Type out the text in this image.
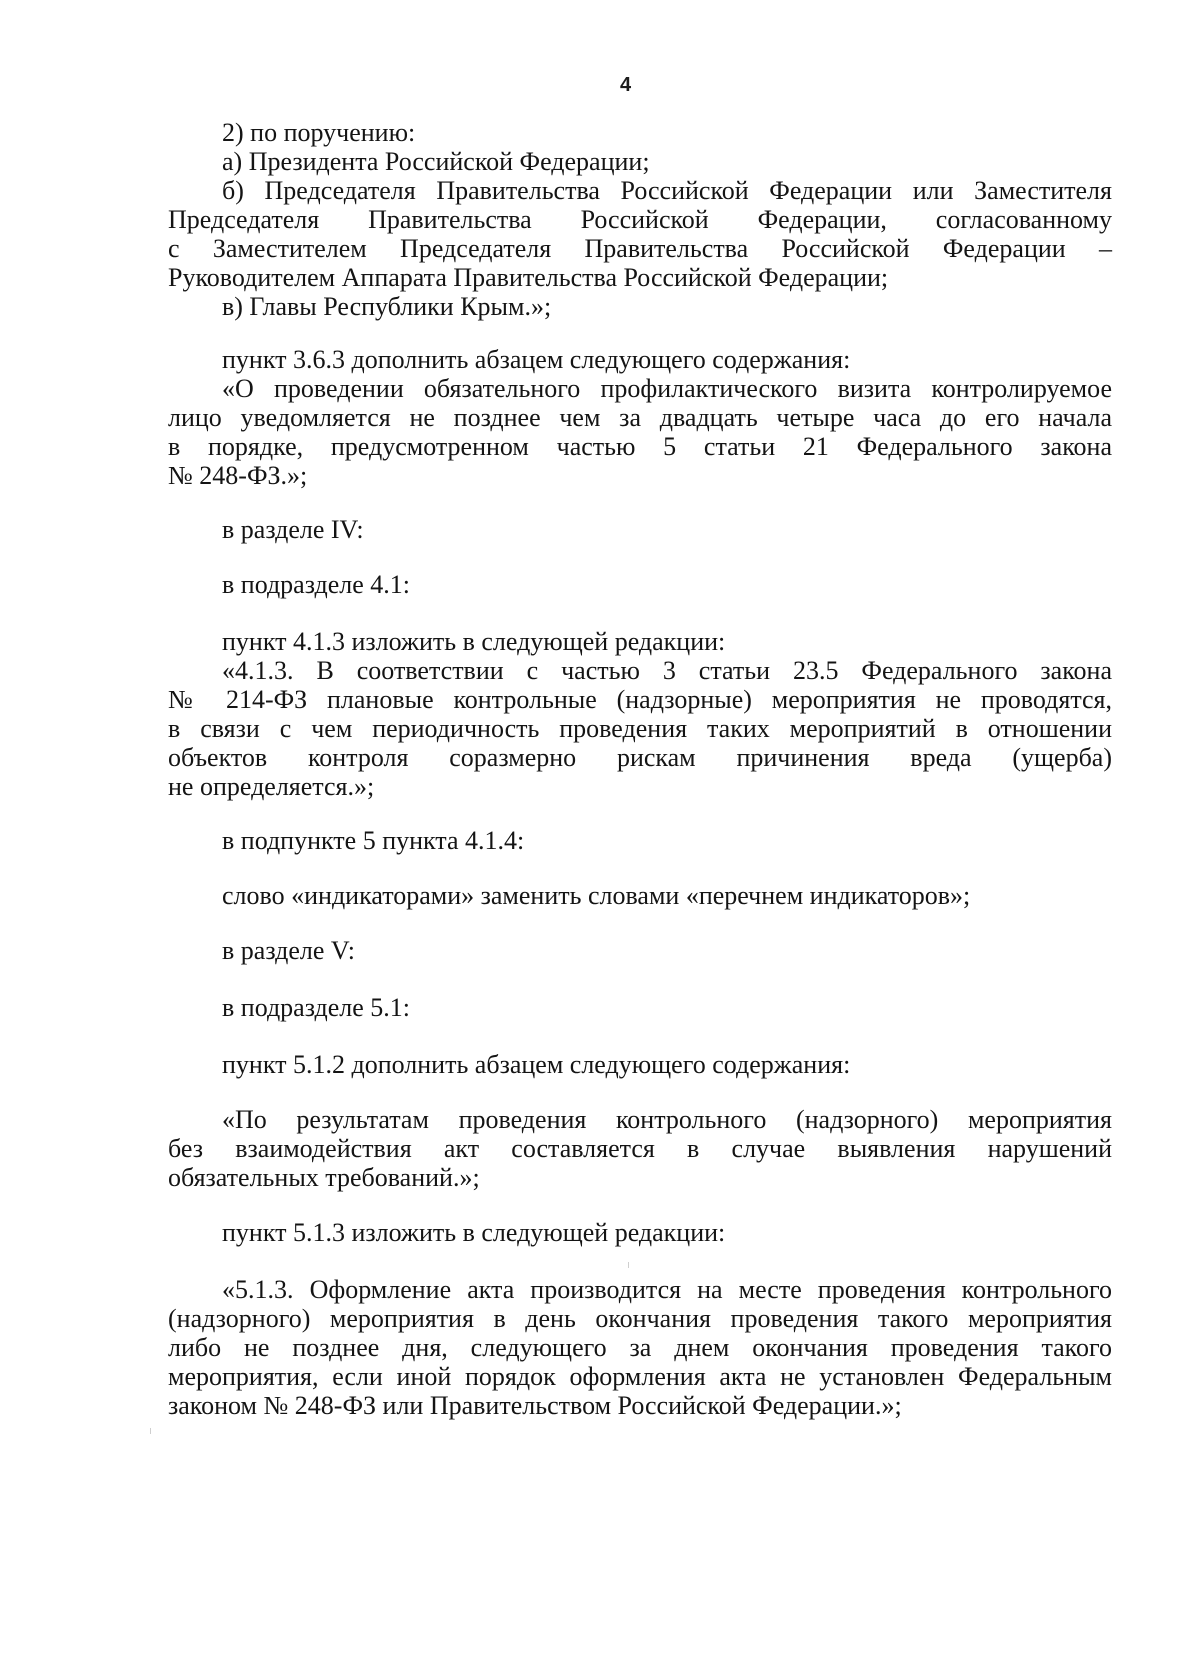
4
2) по поручению:
а) Президента Российской Федерации;
б) Председателя Правительства Российской Федерации или Заместителя
Председателя Правительства Российской Федерации, согласованному
с Заместителем Председателя Правительства Российской Федерации –
Руководителем Аппарата Правительства Российской Федерации;
в) Главы Республики Крым.»;
пункт 3.6.3 дополнить абзацем следующего содержания:
«О проведении обязательного профилактического визита контролируемое
лицо уведомляется не позднее чем за двадцать четыре часа до его начала
в порядке, предусмотренном частью 5 статьи 21 Федерального закона
№ 248-ФЗ.»;
в разделе IV:
в подразделе 4.1:
пункт 4.1.3 изложить в следующей редакции:
«4.1.3. В соответствии с частью 3 статьи 23.5 Федерального закона
№ 214-ФЗ плановые контрольные (надзорные) мероприятия не проводятся,
в связи с чем периодичность проведения таких мероприятий в отношении
объектов контроля соразмерно рискам причинения вреда (ущерба)
не определяется.»;
в подпункте 5 пункта 4.1.4:
слово «индикаторами» заменить словами «перечнем индикаторов»;
в разделе V:
в подразделе 5.1:
пункт 5.1.2 дополнить абзацем следующего содержания:
«По результатам проведения контрольного (надзорного) мероприятия
без взаимодействия акт составляется в случае выявления нарушений
обязательных требований.»;
пункт 5.1.3 изложить в следующей редакции:
«5.1.3. Оформление акта производится на месте проведения контрольного
(надзорного) мероприятия в день окончания проведения такого мероприятия
либо не позднее дня, следующего за днем окончания проведения такого
мероприятия, если иной порядок оформления акта не установлен Федеральным
законом № 248-ФЗ или Правительством Российской Федерации.»;
